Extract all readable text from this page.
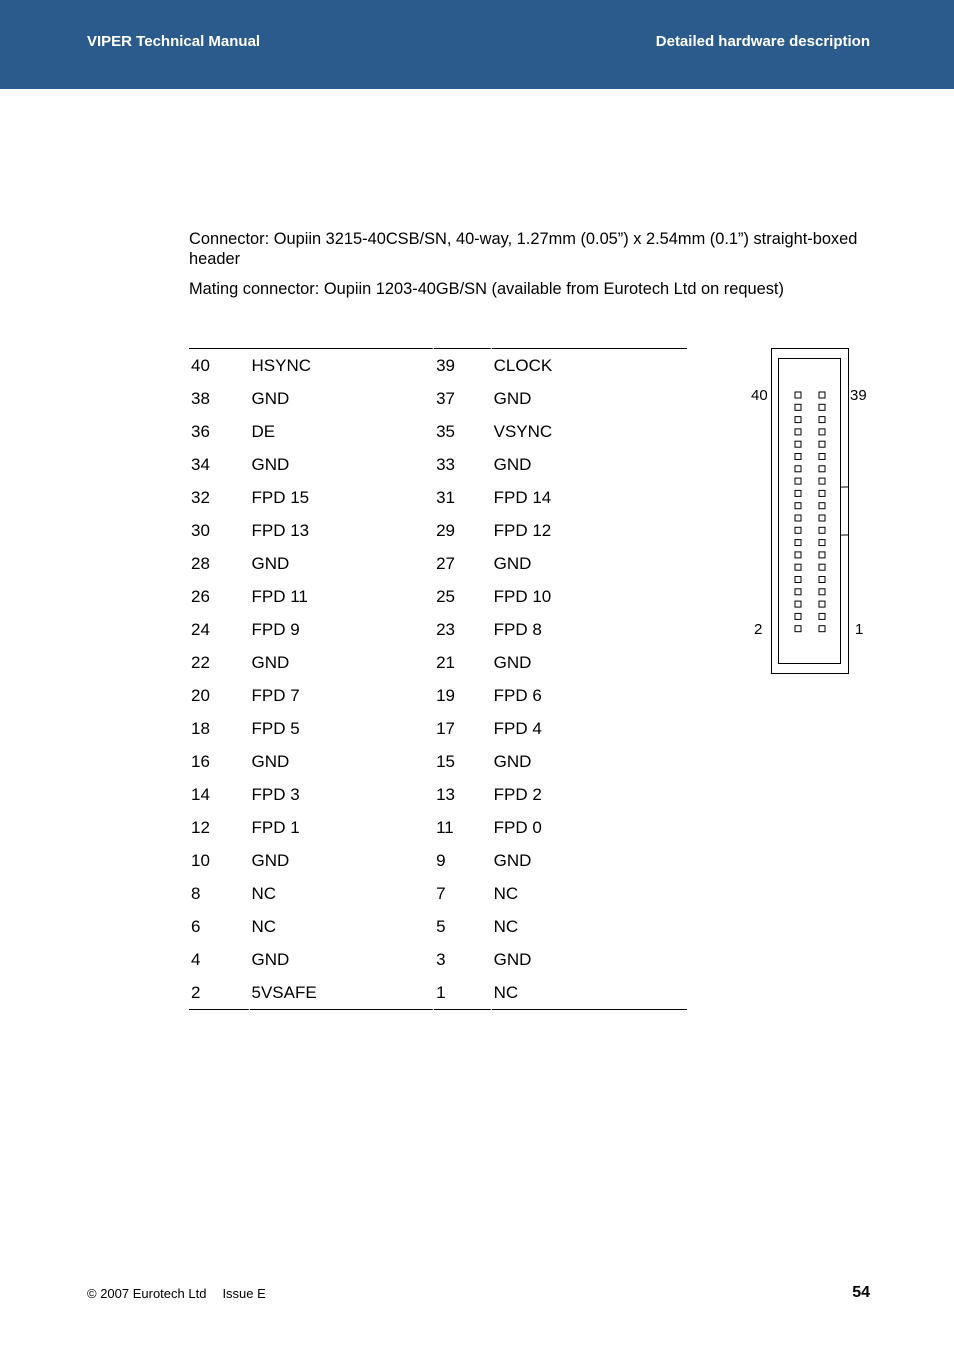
VIPER Technical Manual	Detailed hardware description

Connector: Oupiin 3215-40CSB/SN, 40-way, 1.27mm (0.05”) x 2.54mm (0.1”) straight-boxed header

Mating connector: Oupiin 1203-40GB/SN (available from Eurotech Ltd on request)

40	HSYNC	39	CLOCK
38	GND	37	GND
36	DE	35	VSYNC
34	GND	33	GND
32	FPD 15	31	FPD 14
30	FPD 13	29	FPD 12
28	GND	27	GND
26	FPD 11	25	FPD 10
24	FPD 9	23	FPD 8
22	GND	21	GND
20	FPD 7	19	FPD 6
18	FPD 5	17	FPD 4
16	GND	15	GND
14	FPD 3	13	FPD 2
12	FPD 1	11	FPD 0
10	GND	9	GND
8	NC	7	NC
6	NC	5	NC
4	GND	3	GND
2	5VSAFE	1	NC
40	39
2	1
© 2007 Eurotech Ltd Issue E	54
